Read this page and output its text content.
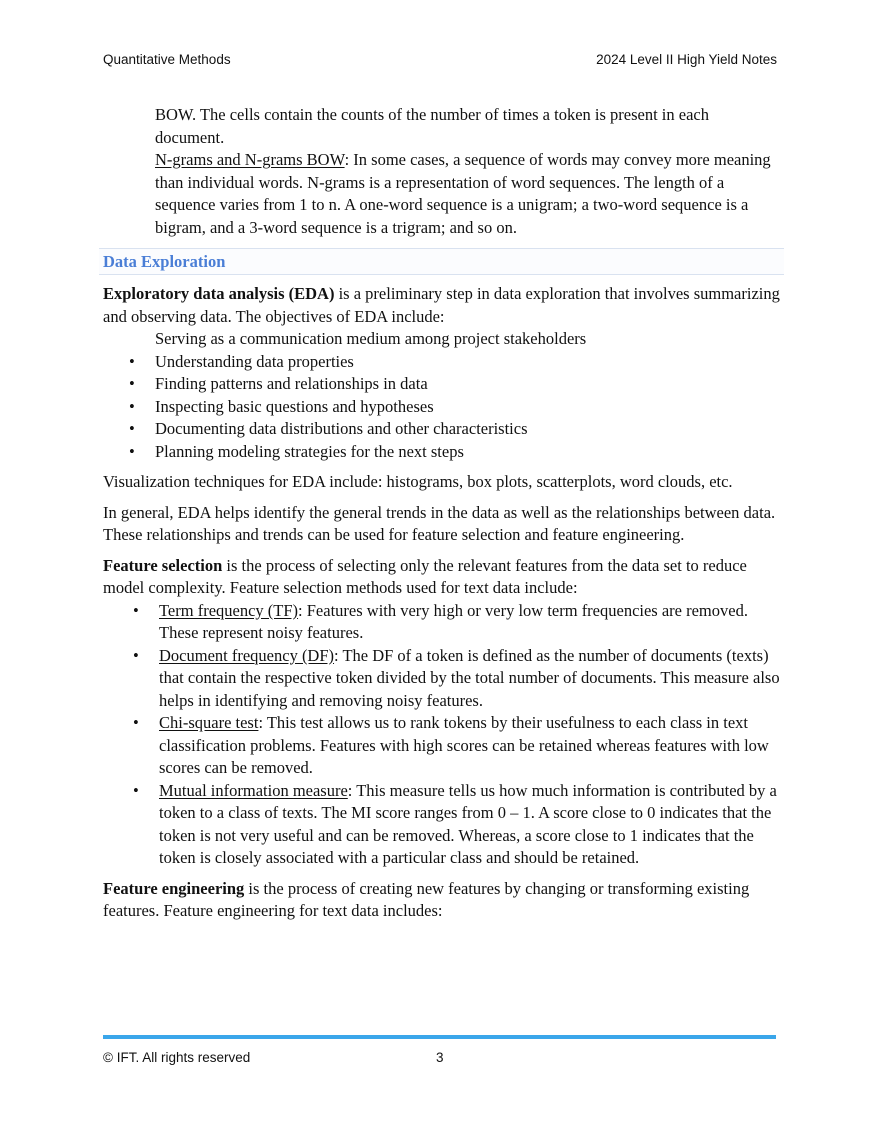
Quantitative Methods	2024 Level II High Yield Notes
BOW. The cells contain the counts of the number of times a token is present in each document.
N-grams and N-grams BOW: In some cases, a sequence of words may convey more meaning than individual words. N-grams is a representation of word sequences. The length of a sequence varies from 1 to n. A one-word sequence is a unigram; a two-word sequence is a bigram, and a 3-word sequence is a trigram; and so on.
Data Exploration

Exploratory data analysis (EDA) is a preliminary step in data exploration that involves summarizing and observing data. The objectives of EDA include:

Serving as a communication medium among project stakeholders
• Understanding data properties
• Finding patterns and relationships in data
• Inspecting basic questions and hypotheses
• Documenting data distributions and other characteristics
• Planning modeling strategies for the next steps

Visualization techniques for EDA include: histograms, box plots, scatterplots, word clouds, etc.

In general, EDA helps identify the general trends in the data as well as the relationships between data. These relationships and trends can be used for feature selection and feature engineering.

Feature selection is the process of selecting only the relevant features from the data set to reduce model complexity. Feature selection methods used for text data include:

• Term frequency (TF): Features with very high or very low term frequencies are removed. These represent noisy features.
• Document frequency (DF): The DF of a token is defined as the number of documents (texts) that contain the respective token divided by the total number of documents. This measure also helps in identifying and removing noisy features.
• Chi-square test: This test allows us to rank tokens by their usefulness to each class in text classification problems. Features with high scores can be retained whereas features with low scores can be removed.
• Mutual information measure: This measure tells us how much information is contributed by a token to a class of texts. The MI score ranges from 0 – 1. A score close to 0 indicates that the token is not very useful and can be removed. Whereas, a score close to 1 indicates that the token is closely associated with a particular class and should be retained.

Feature engineering is the process of creating new features by changing or transforming existing features. Feature engineering for text data includes:

© IFT. All rights reserved	3
